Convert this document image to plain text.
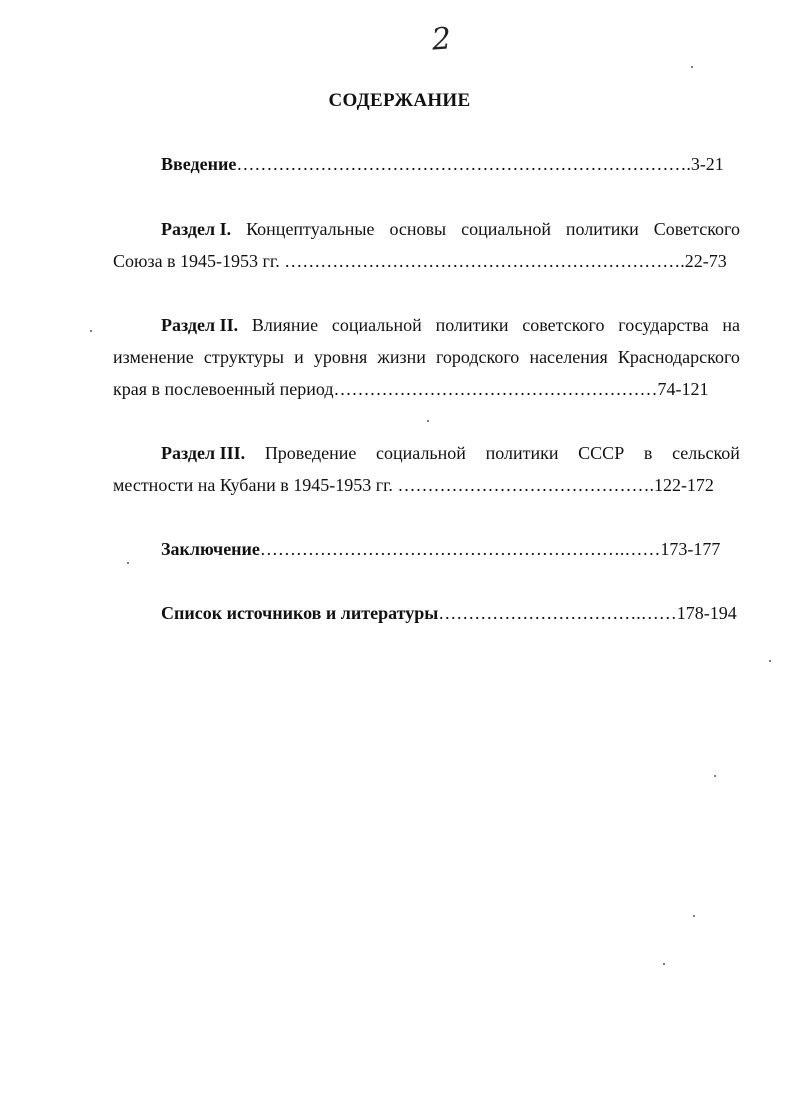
2
СОДЕРЖАНИЕ
Введение………………………………………………………………….3-21
Раздел I. Концептуальные основы социальной политики Советского
Союза в 1945-1953 гг. ………………………………………………………….22-73
Раздел II. Влияние социальной политики советского государства на
изменение структуры и уровня жизни городского населения Краснодарского
края в послевоенный период………………………………………………74-121
Раздел III. Проведение социальной политики СССР в сельской
местности на Кубани в 1945-1953 гг. …………………………………….122-172
Заключение…………………………………………………….……173-177
Список источников и литературы…………………………….……178-194
